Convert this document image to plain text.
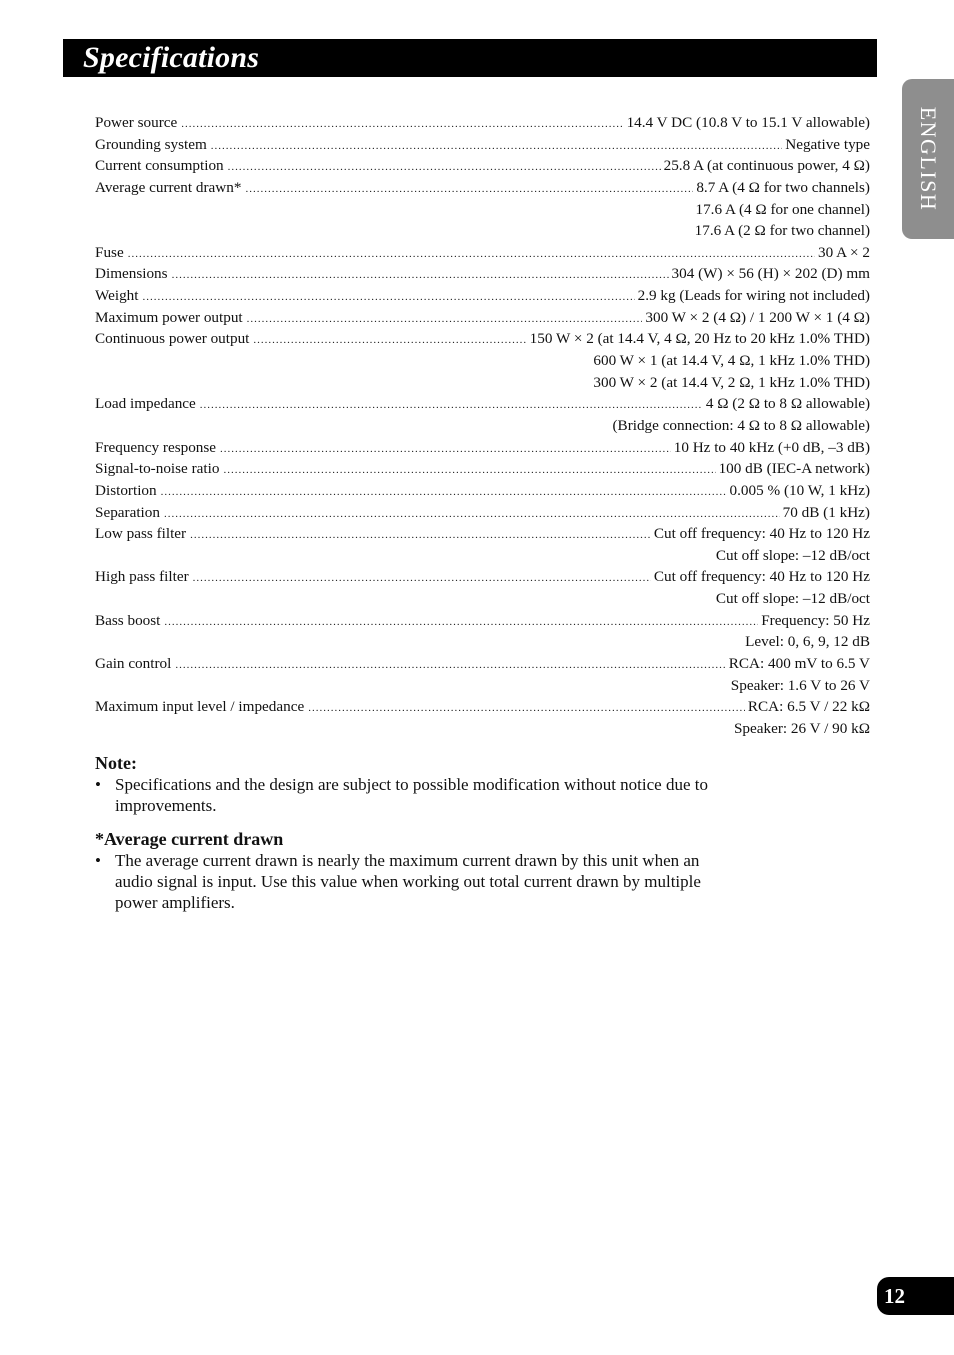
Specifications
ENGLISH
Power source .....	14.4 V DC (10.8 V to 15.1 V allowable)
Grounding system .....	Negative type
Current consumption .....	25.8 A (at continuous power, 4 Ω)
Average current drawn* .....	8.7 A (4 Ω for two channels)
17.6 A (4 Ω for one channel)
17.6 A (2 Ω for two channel)
Fuse .....	30 A × 2
Dimensions .....	304 (W) × 56 (H) × 202 (D) mm
Weight .....	2.9 kg (Leads for wiring not included)
Maximum power output .....	300 W × 2 (4 Ω) / 1 200 W × 1 (4 Ω)
Continuous power output .....	150 W × 2 (at 14.4 V, 4 Ω, 20 Hz to 20 kHz 1.0% THD)
600 W × 1 (at 14.4 V, 4 Ω, 1 kHz 1.0% THD)
300 W × 2 (at 14.4 V, 2 Ω, 1 kHz 1.0% THD)
Load impedance .....	4 Ω (2 Ω to 8 Ω allowable)
(Bridge connection: 4 Ω to 8 Ω allowable)
Frequency response .....	10 Hz to 40 kHz (+0 dB, –3 dB)
Signal-to-noise ratio .....	100 dB (IEC-A network)
Distortion .....	0.005 % (10 W, 1 kHz)
Separation .....	70 dB (1 kHz)
Low pass filter .....	Cut off frequency: 40 Hz to 120 Hz
Cut off slope: –12 dB/oct
High pass filter .....	Cut off frequency: 40 Hz to 120 Hz
Cut off slope: –12 dB/oct
Bass boost .....	Frequency: 50 Hz
Level: 0, 6, 9, 12 dB
Gain control .....	RCA: 400 mV to 6.5 V
Speaker: 1.6 V to 26 V
Maximum input level / impedance .....	RCA: 6.5 V / 22 kΩ
Speaker: 26 V / 90 kΩ

Note:

• Specifications and the design are subject to possible modification without notice due to improvements.

*Average current drawn

• The average current drawn is nearly the maximum current drawn by this unit when an audio signal is input. Use this value when working out total current drawn by multiple power amplifiers.

12
